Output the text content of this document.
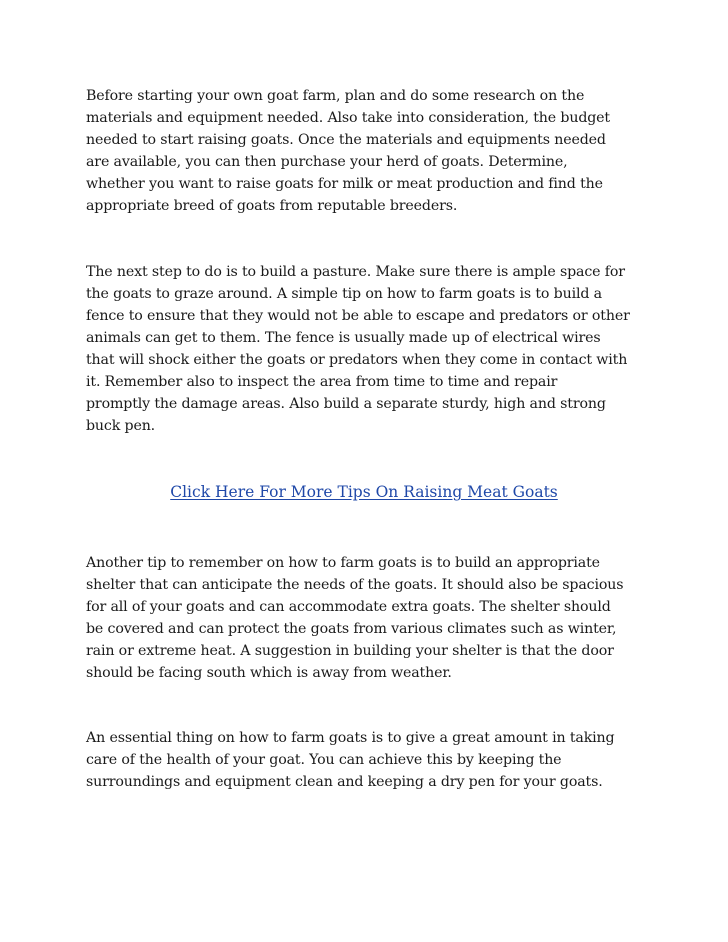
Before starting your own goat farm, plan and do some research on the
materials and equipment needed. Also take into consideration, the budget
needed to start raising goats. Once the materials and equipments needed
are available, you can then purchase your herd of goats. Determine,
whether you want to raise goats for milk or meat production and find the
appropriate breed of goats from reputable breeders.

The next step to do is to build a pasture. Make sure there is ample space for
the goats to graze around. A simple tip on how to farm goats is to build a
fence to ensure that they would not be able to escape and predators or other
animals can get to them. The fence is usually made up of electrical wires
that will shock either the goats or predators when they come in contact with
it. Remember also to inspect the area from time to time and repair
promptly the damage areas. Also build a separate sturdy, high and strong
buck pen.

Click Here For More Tips On Raising Meat Goats

Another tip to remember on how to farm goats is to build an appropriate
shelter that can anticipate the needs of the goats. It should also be spacious
for all of your goats and can accommodate extra goats. The shelter should
be covered and can protect the goats from various climates such as winter,
rain or extreme heat. A suggestion in building your shelter is that the door
should be facing south which is away from weather.

An essential thing on how to farm goats is to give a great amount in taking
care of the health of your goat. You can achieve this by keeping the
surroundings and equipment clean and keeping a dry pen for your goats.
